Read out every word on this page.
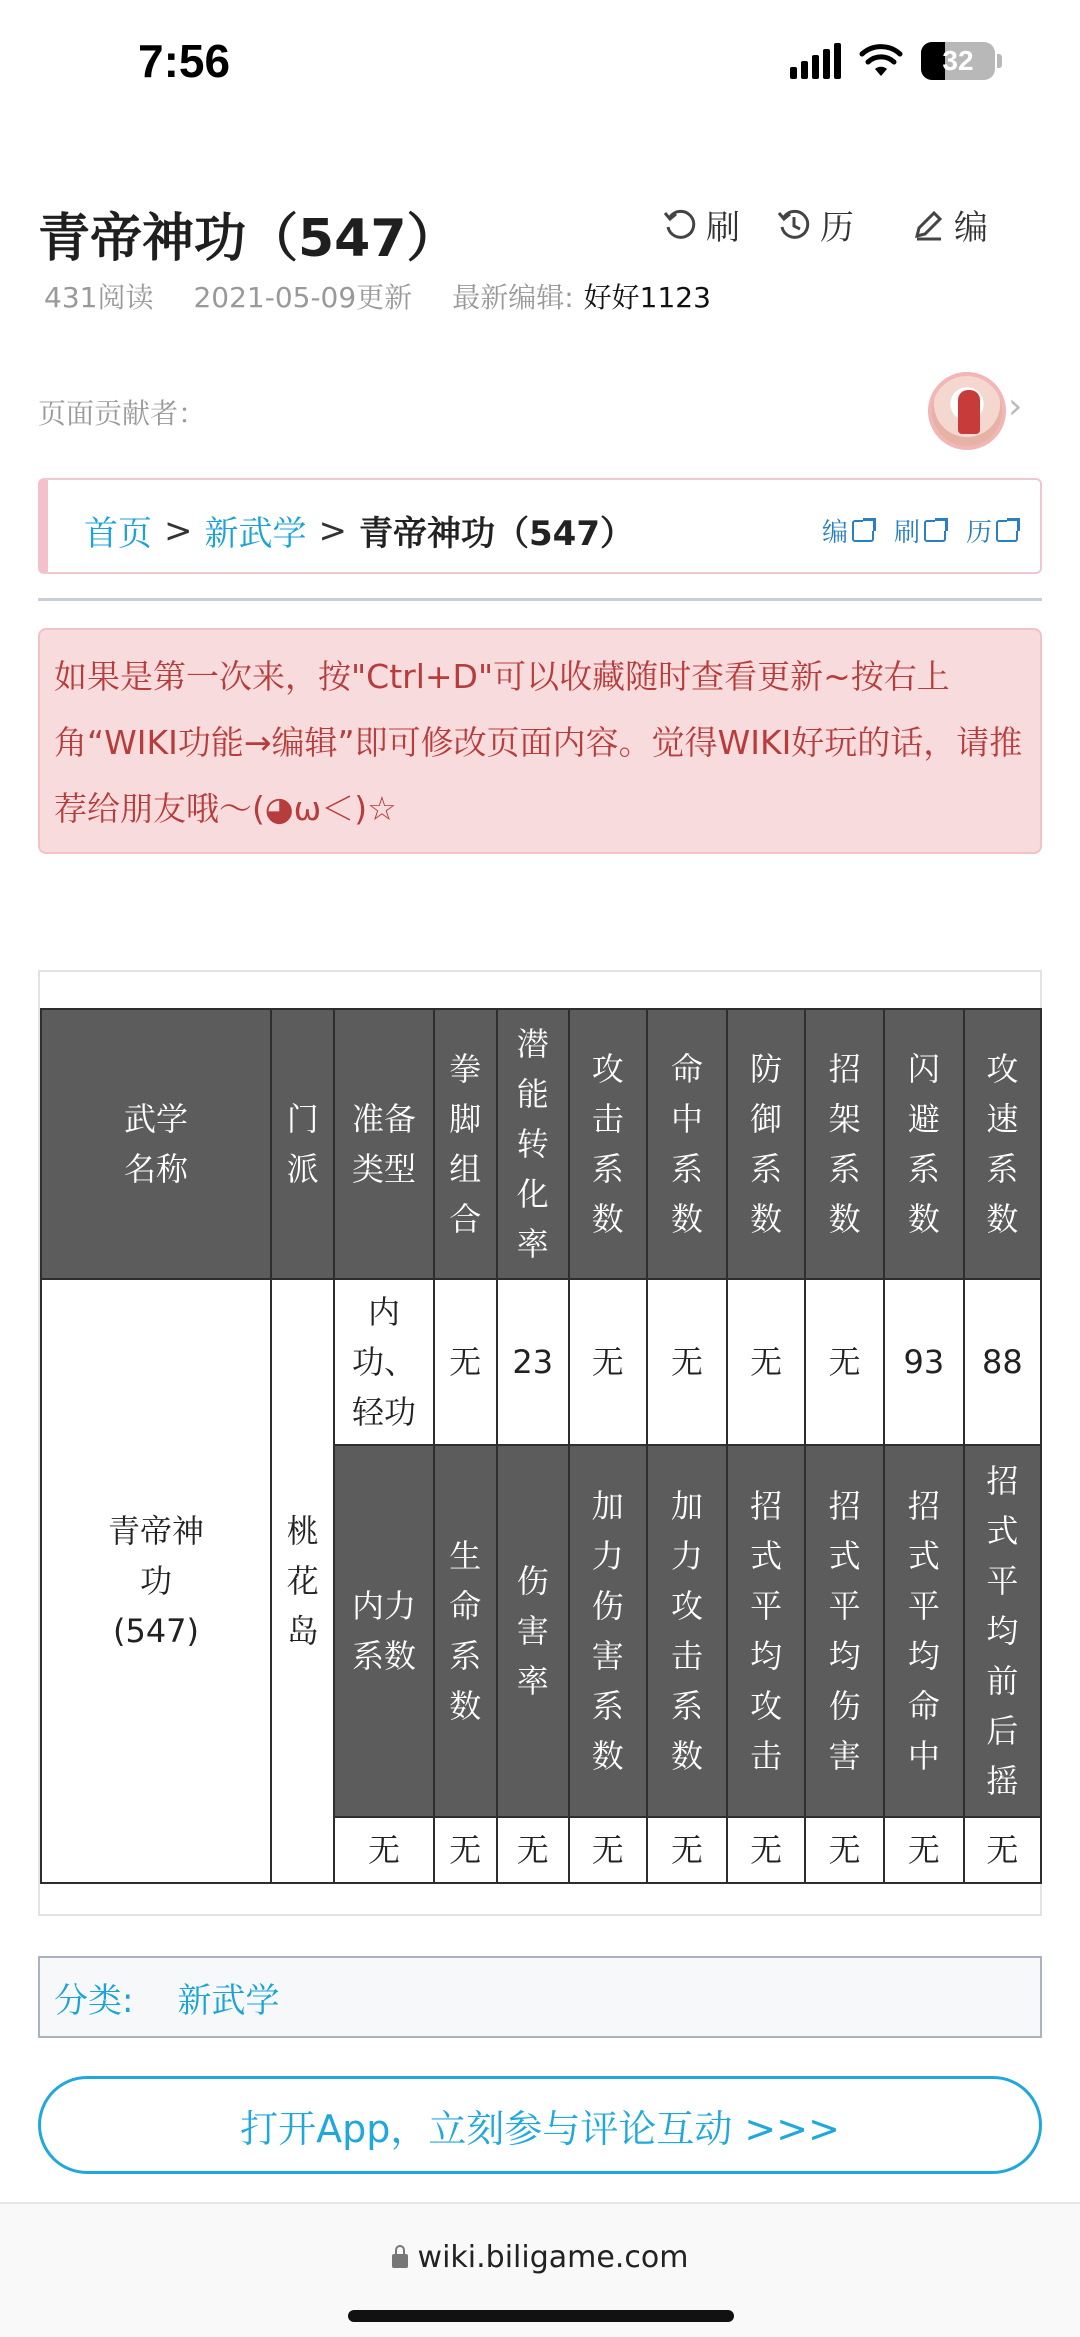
7:56	32
青帝神功（547）	刷 历	编
431阅读 2021-05-09更新 最新编辑: 好好1123
页面贡献者：	›
首页 > 新武学 > 青帝神功（547）	编 刷 历
如果是第一次来，按"Ctrl+D"可以收藏随时查看更新~按右上角“WIKI功能→编辑”即可修改页面内容。觉得WIKI好玩的话，请推荐给朋友哦～(◕ω＜)☆
武学名称	门派	准备类型	拳脚组合	潜能转化率	攻击系数	命中系数	防御系数	招架系数	闪避系数	攻速系数
青帝神功(547)	桃花岛	内功、轻功	无	23	无	无	无	无	93	88
		内力系数	生命系数	伤害率	加力伤害系数	加力攻击系数	招式平均攻击	招式平均伤害	招式平均命中	招式平均前后摇
		无	无	无	无	无	无	无	无	无
分类: 新武学
打开App，立刻参与评论互动 >>>
wiki.biligame.com
